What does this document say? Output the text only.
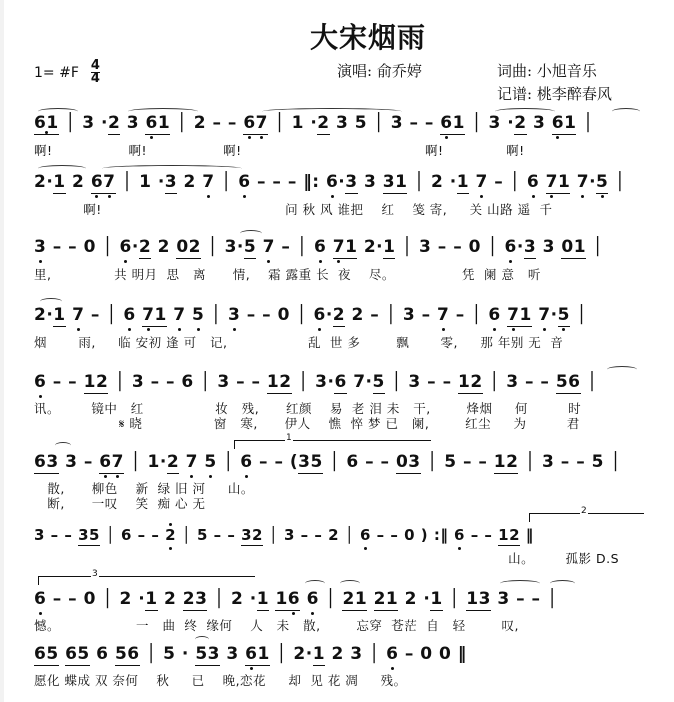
大宋烟雨
1= #F $\frac{4}{4}$	演唱: 俞乔婷	词曲: 小旭音乐
记谱: 桃李醉春风
61 │ 3 ·2 3 61 │ 2 – – 67 │ 1 ·2 3 5 │ 3 – – 61 │ 3 ·2 3 61 │
啊!                 啊!                 啊!                                         啊!              啊!
2·1 2 67 │ 1 ·3 2 7 │ 6 – – – ‖: 6·3 3 31 │ 2 ·1 7 – │ 6 71 7·5 │
啊!                                         问 秋 风 谁把    红    笺 寄,     关 山路 遥  千
3 – – 0 │ 6·2 2 02 │ 3·5 7 – │ 6 71 2·1 │ 3 – – 0 │ 6·3 3 01 │
里,              共 明月  思   离      情,    霜 露重 长  夜    尽。               凭  阑 意   听
2·1 7 – │ 6 71 7 5 │ 3 – – 0 │ 6·2 2 – │ 3 – 7 – │ 6 71 7·5 │
烟       雨,     临 安初 逢 可   记,                  乱  世 多        飘       零,     那 年别 无  音
6 – – 12 │ 3 – – 6 │ 3 – – 12 │ 3·6 7·5 │ 3 – – 12 │ 3 – – 56 │
讯。       镜中   红                妆   残,      红颜    易  老 泪 未   干,        烽烟     何         时
𝄋 晓                窗   寒,      伊人    憔  悴 梦 已   阑,        红尘     为         君
1
63 3 – 67 │ 1·2 7 5 │ 6 – – (35 │ 6 – – 03 │ 5 – – 12 │ 3 – – 5 │
散,      柳色    新  绿 旧 河     山。
断,      一叹    笑  痴 心 无	2
3 – – 35 │ 6 – – 2 │ 5 – – 32 │ 3 – – 2 │ 6 – – 0 ) :‖ 6 – – 12 ‖
山。       孤影 D.S
3
6 – – 0 │ 2 ·1 2 23 │ 2 ·1 16 6 │ 21 21 2 ·1 │ 13 3 – – │
憾。                 一   曲  终  缘何    人   未   散,        忘穿  苍茫  自   轻        叹,
65 65 6 56 │ 5 · 53 3 61 │ 2·1 2 3 │ 6 – 0 0 ‖
愿化 蝶成 双 奈何    秋     已    晚,恋花     却  见 花 凋     残。
